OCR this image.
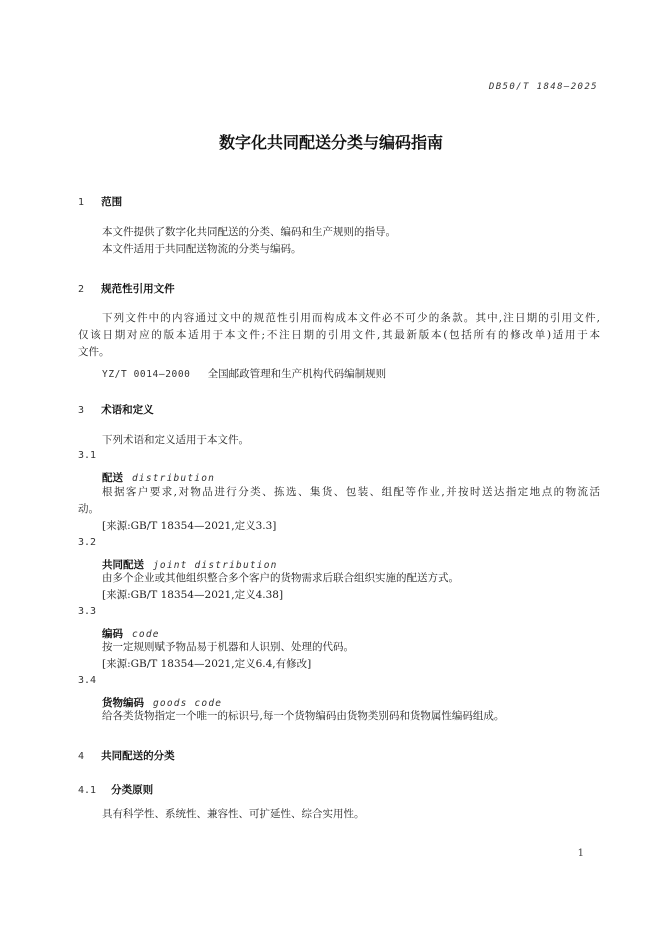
DB50/T 1848—2025
数字化共同配送分类与编码指南
1 范围
本文件提供了数字化共同配送的分类、编码和生产规则的指导。
本文件适用于共同配送物流的分类与编码。
2 规范性引用文件
下列文件中的内容通过文中的规范性引用而构成本文件必不可少的条款。其中,注日期的引用文件,
仅该日期对应的版本适用于本文件;不注日期的引用文件,其最新版本(包括所有的修改单)适用于本
文件。
YZ/T 0014—2000 全国邮政管理和生产机构代码编制规则
3 术语和定义
下列术语和定义适用于本文件。
3.1
配送 distribution
根据客户要求,对物品进行分类、拣选、集货、包装、组配等作业,并按时送达指定地点的物流活
动。
[来源:GB/T 18354—2021,定义3.3]
3.2
共同配送 joint distribution
由多个企业或其他组织整合多个客户的货物需求后联合组织实施的配送方式。
[来源:GB/T 18354—2021,定义4.38]
3.3
编码 code
按一定规则赋予物品易于机器和人识别、处理的代码。
[来源:GB/T 18354—2021,定义6.4,有修改]
3.4
货物编码 goods code
给各类货物指定一个唯一的标识号,每一个货物编码由货物类别码和货物属性编码组成。
4 共同配送的分类
4.1 分类原则
具有科学性、系统性、兼容性、可扩延性、综合实用性。
1
